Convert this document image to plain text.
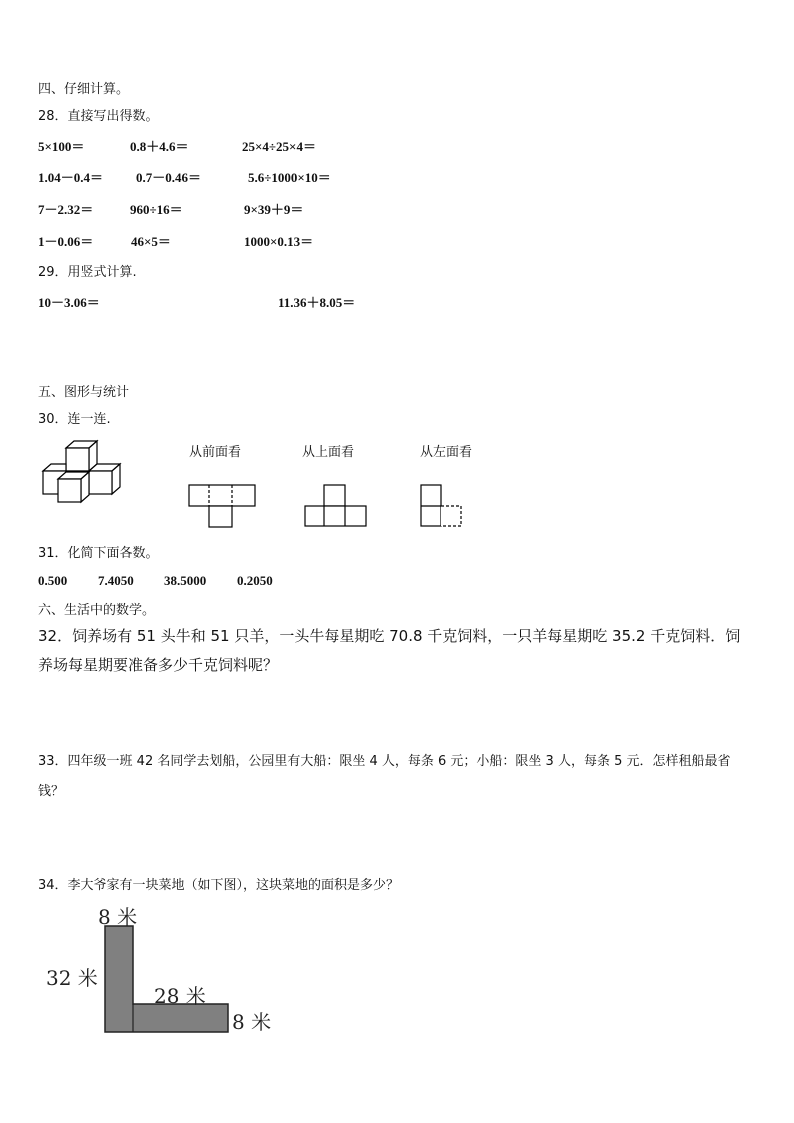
四、仔细计算。
28．直接写出得数。
5×100＝	0.8＋4.6＝	25×4÷25×4＝
1.04－0.4＝	0.7－0.46＝	5.6÷1000×10＝
7－2.32＝	960÷16＝	9×39＋9＝
1－0.06＝	46×5＝	1000×0.13＝
29．用竖式计算.
10－3.06＝	11.36＋8.05＝
五、图形与统计
30．连一连.
从前面看	从上面看	从左面看
31．化简下面各数。
0.500 7.4050 38.5000 0.2050
六、生活中的数学。
32．饲养场有 51 头牛和 51 只羊，一头牛每星期吃 70.8 千克饲料，一只羊每星期吃 35.2 千克饲料．饲
养场每星期要准备多少千克饲料呢？
33．四年级一班 42 名同学去划船，公园里有大船：限坐 4 人，每条 6 元；小船：限坐 3 人，每条 5 元．怎样租船最省
钱？
34．李大爷家有一块菜地（如下图），这块菜地的面积是多少？
8 米
32 米
28 米
8 米
